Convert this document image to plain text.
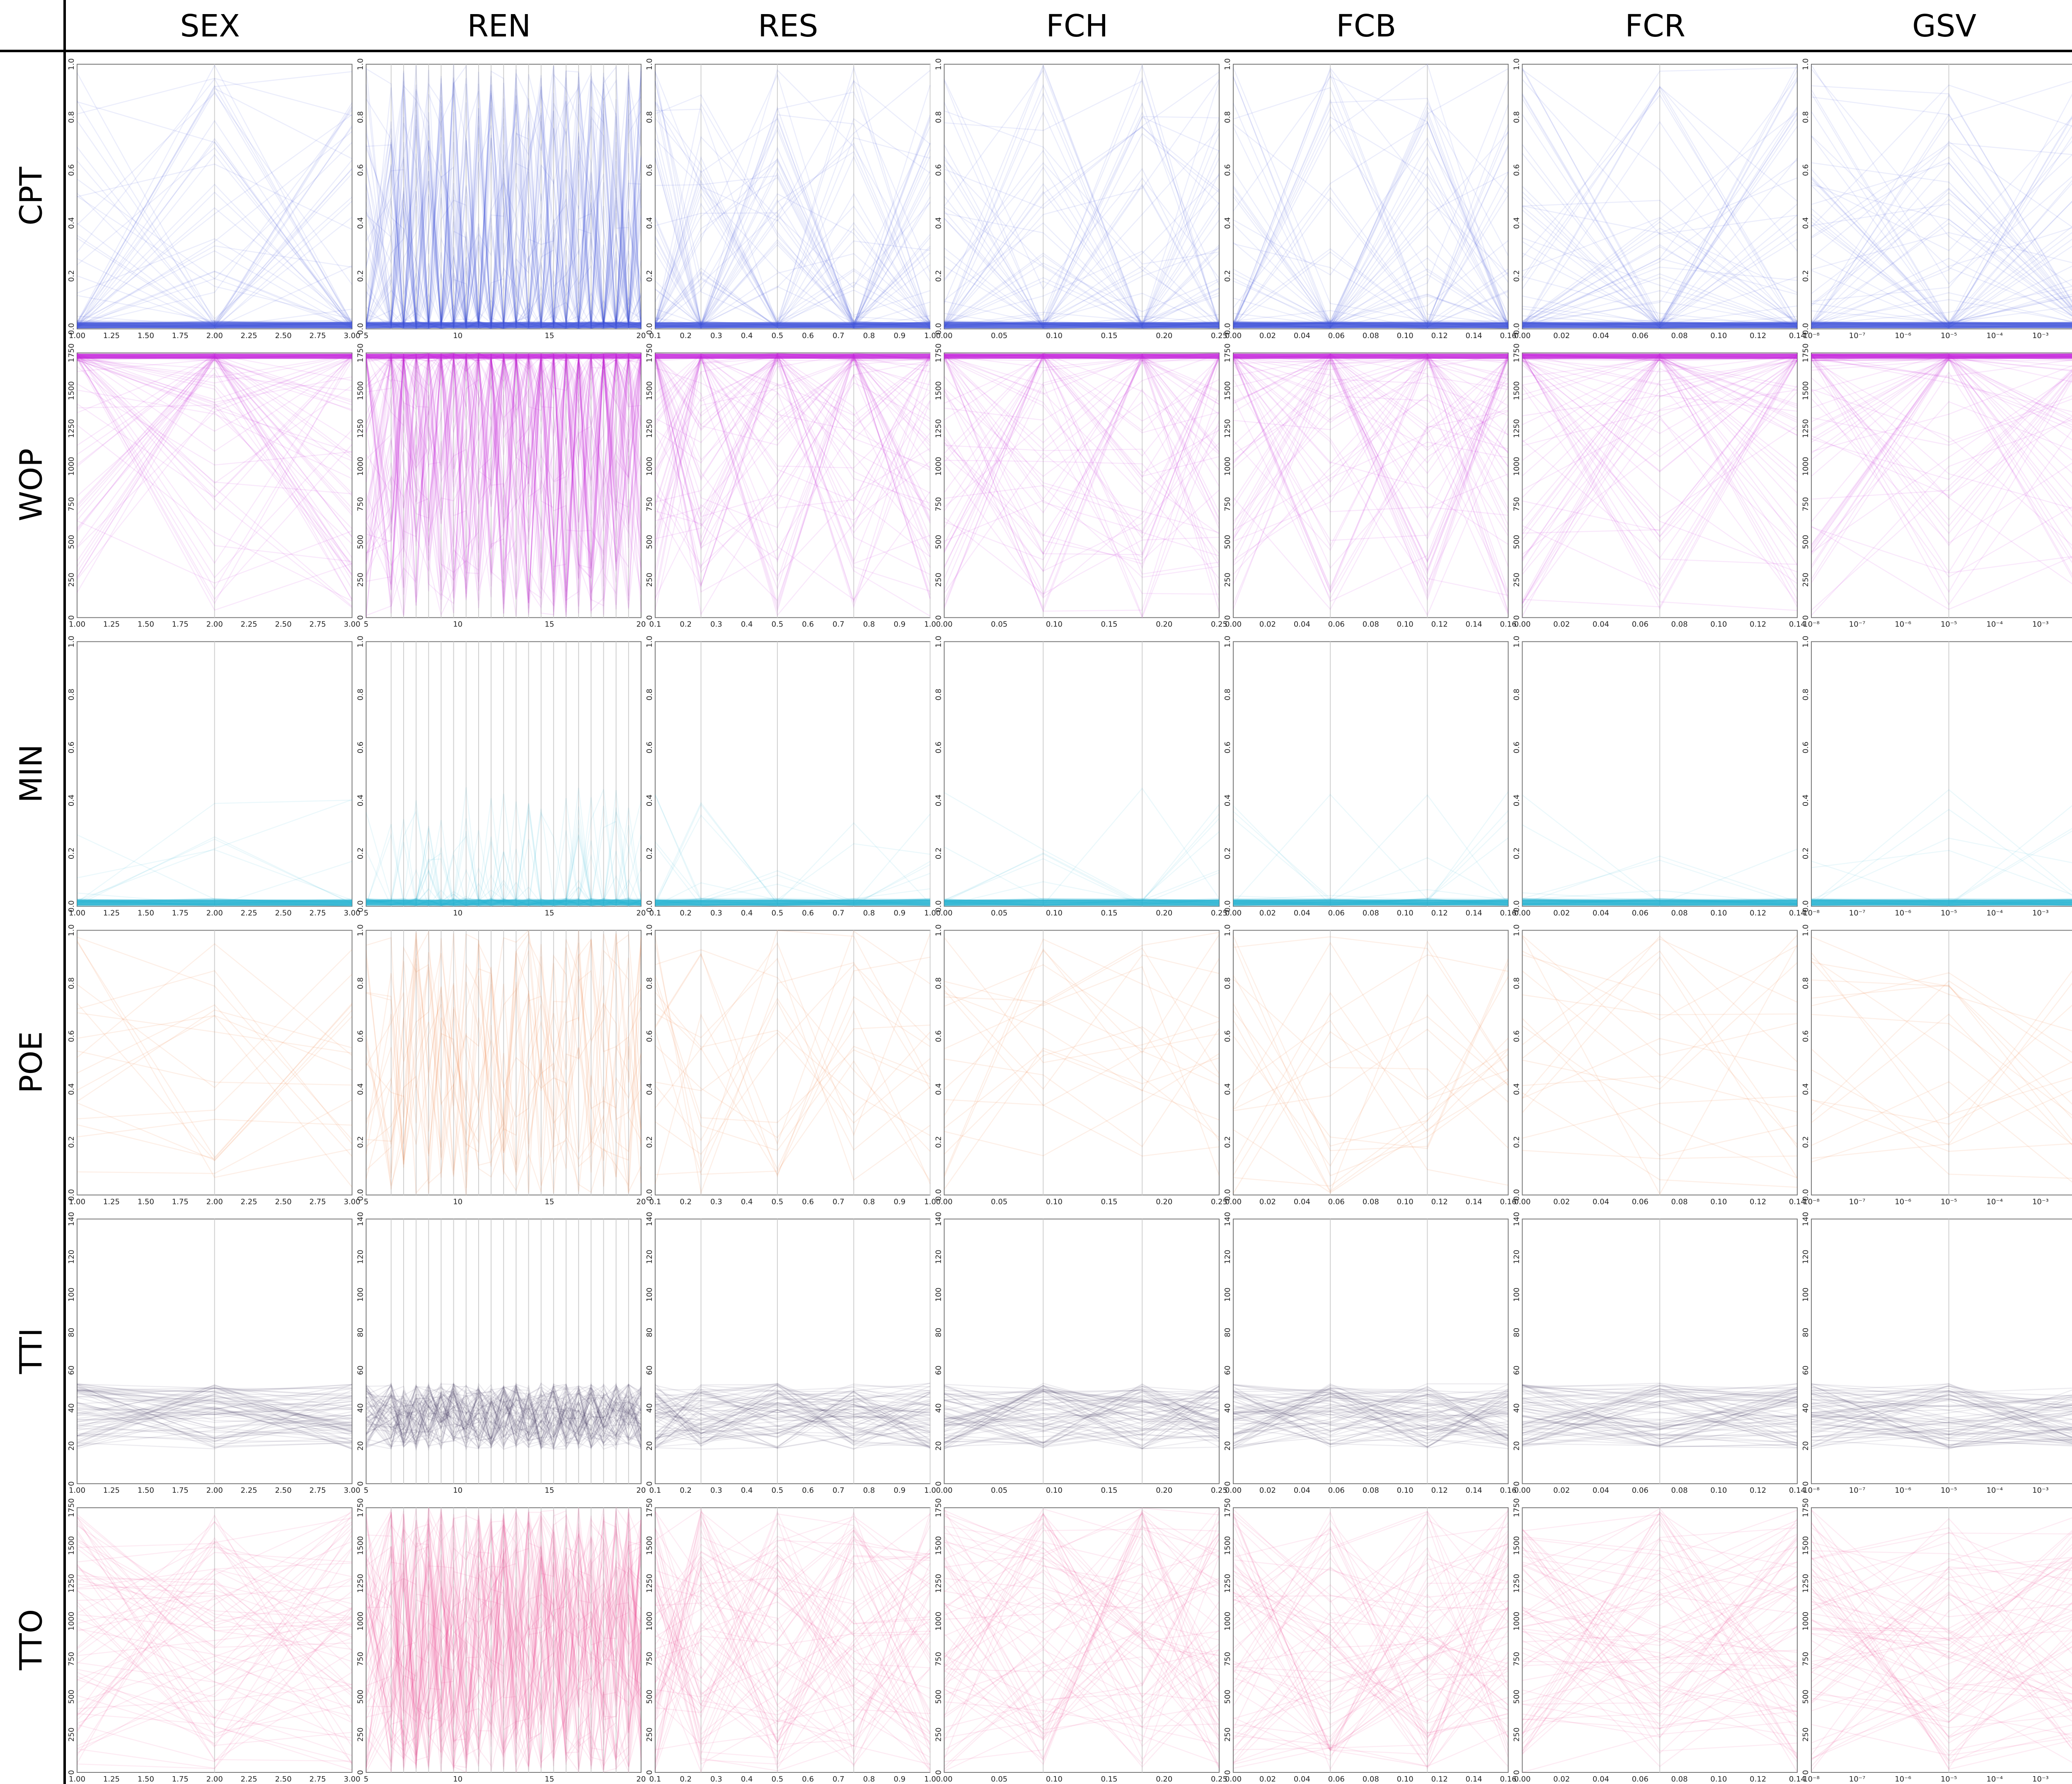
SEX	REN	RES	FCH	FCB	FCR	GSV
CPT
WOP
MIN
POE
TTI
TTO
1.00 1.25 1.50 1.75 2.00 2.25 2.50 2.75 3.00
0.0
0.2
0.4
0.6
0.8
1.0
5	10	15	20
0.0
0.2
0.4
0.6
0.8
1.0
0.1	0.2	0.3	0.4	0.5	0.6	0.7	0.8	0.9	1.0
0.0
0.2
0.4
0.6
0.8
1.0
0.00	0.05	0.10	0.15	0.20	0.25
0.0
0.2
0.4
0.6
0.8
1.0
0.00 0.02 0.04 0.06 0.08 0.10 0.12 0.14 0.16
0.0
0.2
0.4
0.6
0.8
1.0
0.00	0.02	0.04	0.06	0.08	0.10	0.12	0.14
0.0
0.2
0.4
0.6
0.8
1.0
10⁻⁸	10⁻⁷	10⁻⁶	10⁻⁵	10⁻⁴	10⁻³
0.0
0.2
0.4
0.6
0.8
1.0
1.00 1.25 1.50 1.75 2.00 2.25 2.50 2.75 3.00
0
250
500
750
1000
1250
1500
1750
5	10	15	20
0
250
500
750
1000
1250
1500
1750
0.1	0.2	0.3	0.4	0.5	0.6	0.7	0.8	0.9	1.0
0
250
500
750
1000
1250
1500
1750
0.00	0.05	0.10	0.15	0.20	0.25
0
250
500
750
1000
1250
1500
1750
0.00 0.02 0.04 0.06 0.08 0.10 0.12 0.14 0.16
0
250
500
750
1000
1250
1500
1750
0.00	0.02	0.04	0.06	0.08	0.10	0.12	0.14
0
250
500
750
1000
1250
1500
1750
10⁻⁸	10⁻⁷	10⁻⁶	10⁻⁵	10⁻⁴	10⁻³
0
250
500
750
1000
1250
1500
1750
1.00 1.25 1.50 1.75 2.00 2.25 2.50 2.75 3.00
0.0
0.2
0.4
0.6
0.8
1.0
5	10	15	20
0.0
0.2
0.4
0.6
0.8
1.0
0.1	0.2	0.3	0.4	0.5	0.6	0.7	0.8	0.9	1.0
0.0
0.2
0.4
0.6
0.8
1.0
0.00	0.05	0.10	0.15	0.20	0.25
0.0
0.2
0.4
0.6
0.8
1.0
0.00 0.02 0.04 0.06 0.08 0.10 0.12 0.14 0.16
0.0
0.2
0.4
0.6
0.8
1.0
0.00	0.02	0.04	0.06	0.08	0.10	0.12	0.14
0.0
0.2
0.4
0.6
0.8
1.0
10⁻⁸	10⁻⁷	10⁻⁶	10⁻⁵	10⁻⁴	10⁻³
0.0
0.2
0.4
0.6
0.8
1.0
1.00 1.25 1.50 1.75 2.00 2.25 2.50 2.75 3.00
0.0
0.2
0.4
0.6
0.8
1.0
5	10	15	20
0.0
0.2
0.4
0.6
0.8
1.0
0.1	0.2	0.3	0.4	0.5	0.6	0.7	0.8	0.9	1.0
0.0
0.2
0.4
0.6
0.8
1.0
0.00	0.05	0.10	0.15	0.20	0.25
0.0
0.2
0.4
0.6
0.8
1.0
0.00 0.02 0.04 0.06 0.08 0.10 0.12 0.14 0.16
0.0
0.2
0.4
0.6
0.8
1.0
0.00	0.02	0.04	0.06	0.08	0.10	0.12	0.14
0.0
0.2
0.4
0.6
0.8
1.0
10⁻⁸	10⁻⁷	10⁻⁶	10⁻⁵	10⁻⁴	10⁻³
0.0
0.2
0.4
0.6
0.8
1.0
1.00 1.25 1.50 1.75 2.00 2.25 2.50 2.75 3.00
0
20
40
60
80
100
120
140
5	10	15	20
0
20
40
60
80
100
120
140
0.1	0.2	0.3	0.4	0.5	0.6	0.7	0.8	0.9	1.0
0
20
40
60
80
100
120
140
0.00	0.05	0.10	0.15	0.20	0.25
0
20
40
60
80
100
120
140
0.00 0.02 0.04 0.06 0.08 0.10 0.12 0.14 0.16
0
20
40
60
80
100
120
140
0.00	0.02	0.04	0.06	0.08	0.10	0.12	0.14
0
20
40
60
80
100
120
140
10⁻⁸	10⁻⁷	10⁻⁶	10⁻⁵	10⁻⁴	10⁻³
0
20
40
60
80
100
120
140
1.00 1.25 1.50 1.75 2.00 2.25 2.50 2.75 3.00
0
250
500
750
1000
1250
1500
1750
5	10	15	20
0
250
500
750
1000
1250
1500
1750
0.1	0.2	0.3	0.4	0.5	0.6	0.7	0.8	0.9	1.0
0
250
500
750
1000
1250
1500
1750
0.00	0.05	0.10	0.15	0.20	0.25
0
250
500
750
1000
1250
1500
1750
0.00 0.02 0.04 0.06 0.08 0.10 0.12 0.14 0.16
0
250
500
750
1000
1250
1500
1750
0.00	0.02	0.04	0.06	0.08	0.10	0.12	0.14
0
250
500
750
1000
1250
1500
1750
10⁻⁸	10⁻⁷	10⁻⁶	10⁻⁵	10⁻⁴	10⁻³
0
250
500
750
1000
1250
1500
1750
